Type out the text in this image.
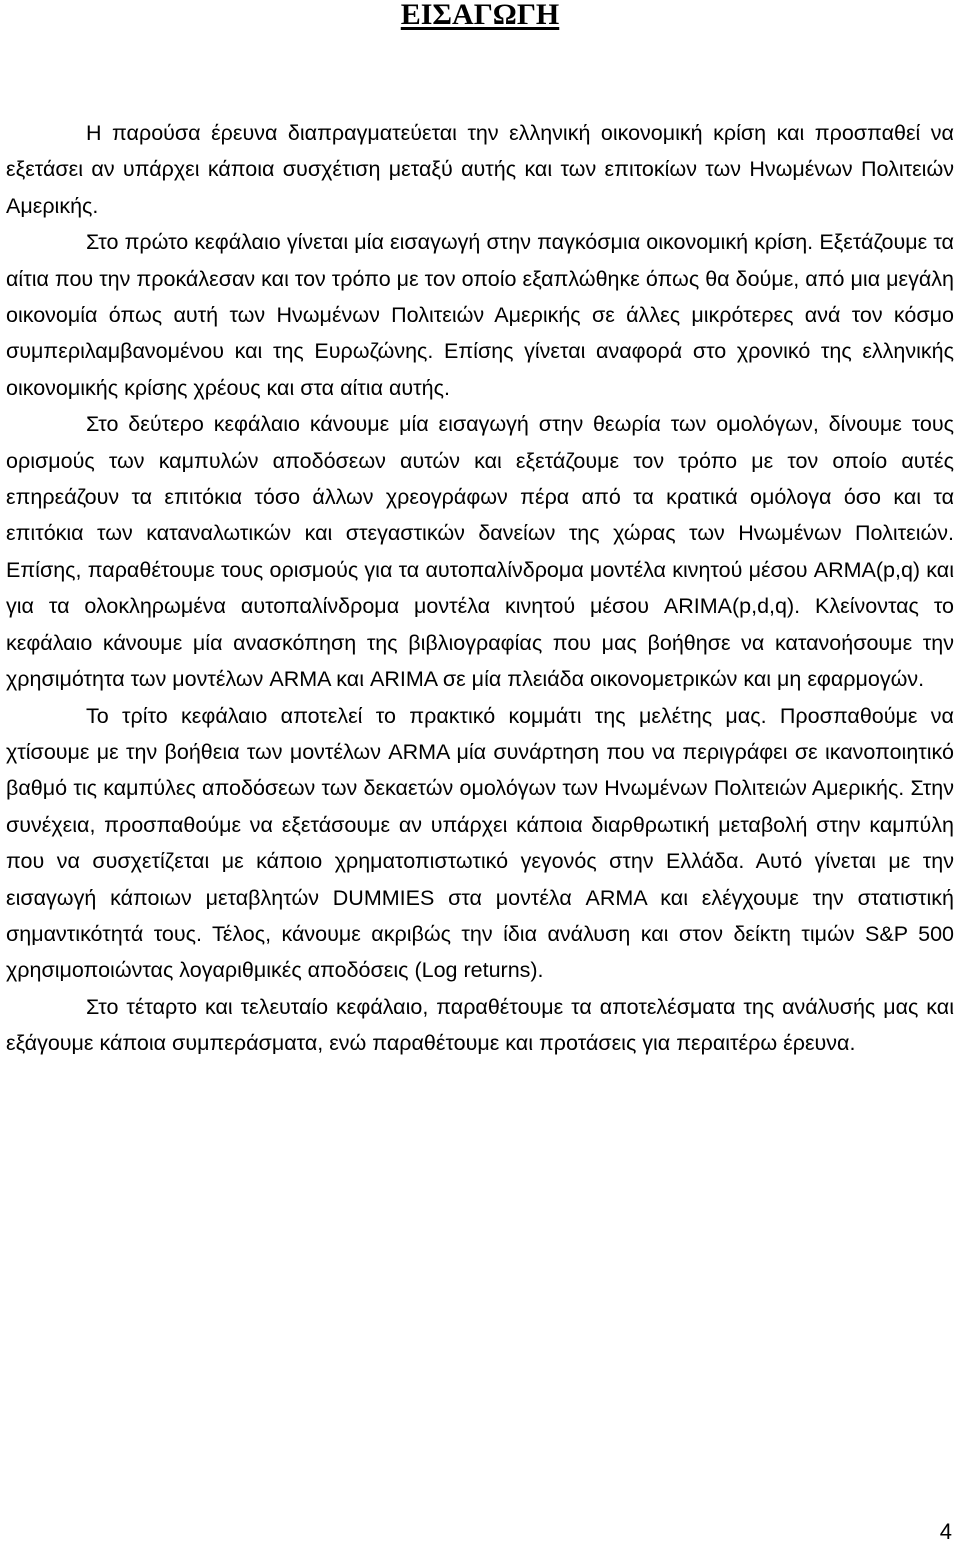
ΕΙΣΑΓΩΓΗ

Η παρούσα έρευνα διαπραγματεύεται την ελληνική οικονομική κρίση και προσπαθεί να εξετάσει αν υπάρχει κάποια συσχέτιση μεταξύ αυτής και των επιτοκίων των Ηνωμένων Πολιτειών Αμερικής.

Στο πρώτο κεφάλαιο γίνεται μία εισαγωγή στην παγκόσμια οικονομική κρίση. Εξετάζουμε τα αίτια που την προκάλεσαν και τον τρόπο με τον οποίο εξαπλώθηκε όπως θα δούμε, από μια μεγάλη οικονομία όπως αυτή των Ηνωμένων Πολιτειών Αμερικής σε άλλες μικρότερες ανά τον κόσμο συμπεριλαμβανομένου και της Ευρωζώνης. Επίσης γίνεται αναφορά στο χρονικό της ελληνικής οικονομικής κρίσης χρέους και στα αίτια αυτής.

Στο δεύτερο κεφάλαιο κάνουμε μία εισαγωγή στην θεωρία των ομολόγων, δίνουμε τους ορισμούς των καμπυλών αποδόσεων αυτών και εξετάζουμε τον τρόπο με τον οποίο αυτές επηρεάζουν τα επιτόκια τόσο άλλων χρεογράφων πέρα από τα κρατικά ομόλογα όσο και τα επιτόκια των καταναλωτικών και στεγαστικών δανείων της χώρας των Ηνωμένων Πολιτειών. Επίσης, παραθέτουμε τους ορισμούς για τα αυτοπαλίνδρομα μοντέλα κινητού μέσου ARMA(p,q) και για τα ολοκληρωμένα αυτοπαλίνδρομα μοντέλα κινητού μέσου ARIMA(p,d,q). Κλείνοντας το κεφάλαιο κάνουμε μία ανασκόπηση της βιβλιογραφίας που μας βοήθησε να κατανοήσουμε την χρησιμότητα των μοντέλων ARMA και ARIMA σε μία πλειάδα οικονομετρικών και μη εφαρμογών.

Το τρίτο κεφάλαιο αποτελεί το πρακτικό κομμάτι της μελέτης μας. Προσπαθούμε να χτίσουμε με την βοήθεια των μοντέλων ARMA μία συνάρτηση που να περιγράφει σε ικανοποιητικό βαθμό τις καμπύλες αποδόσεων των δεκαετών ομολόγων των Ηνωμένων Πολιτειών Αμερικής. Στην συνέχεια, προσπαθούμε να εξετάσουμε αν υπάρχει κάποια διαρθρωτική μεταβολή στην καμπύλη που να συσχετίζεται με κάποιο χρηματοπιστωτικό γεγονός στην Ελλάδα. Αυτό γίνεται με την εισαγωγή κάποιων μεταβλητών DUMMIES στα μοντέλα ARMA και ελέγχουμε την στατιστική σημαντικότητά τους. Τέλος, κάνουμε ακριβώς την ίδια ανάλυση και στον δείκτη τιμών S&P 500 χρησιμοποιώντας λογαριθμικές αποδόσεις (Log returns).

Στο τέταρτο και τελευταίο κεφάλαιο, παραθέτουμε τα αποτελέσματα της ανάλυσής μας και εξάγουμε κάποια συμπεράσματα, ενώ παραθέτουμε και προτάσεις για περαιτέρω έρευνα.

4
